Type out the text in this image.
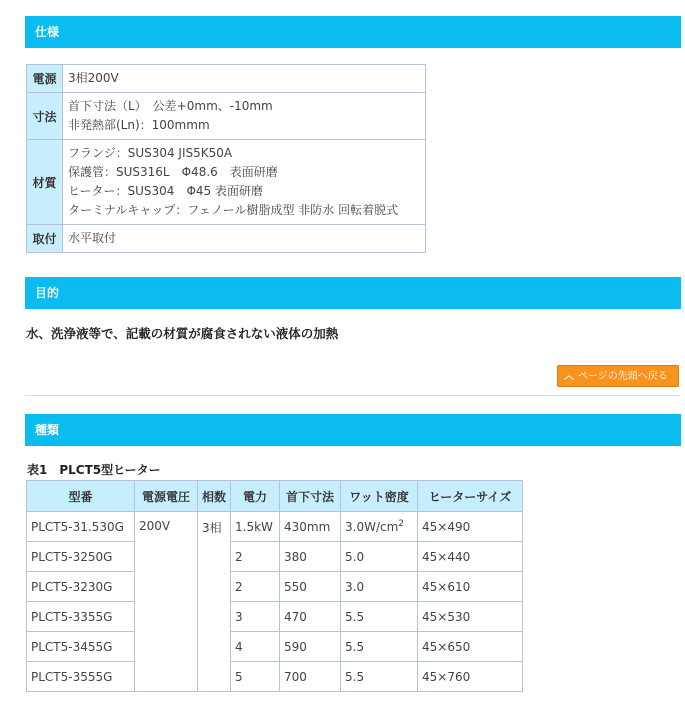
仕様
電源	3相200V

寸法	首下寸法（L）　公差+0mm、-10mm
非発熱部(Ln)：100mmm

材質	フランジ：SUS304 JIS5K50A
保護管：SUS316L　Φ48.6　表面研磨
ヒーター：SUS304　Φ45 表面研磨
ターミナルキャップ：フェノール樹脂成型 非防水 回転着脱式

取付	水平取付
目的
水、洗浄液等で、記載の材質が腐食されない液体の加熱
︿ ページの先頭へ戻る
種類
表1　PLCT5型ヒーター
型番	電源電圧	相数	電力	首下寸法	ワット密度	ヒーターサイズ
PLCT5-31.530G	200V	3相	1.5kW	430mm	$3.0W/cm^2$	45×490
PLCT5-3250G			2	380	5.0	45×440
PLCT5-3230G			2	550	3.0	45×610
PLCT5-3355G			3	470	5.5	45×530
PLCT5-3455G			4	590	5.5	45×650
PLCT5-3555G			5	700	5.5	45×760
